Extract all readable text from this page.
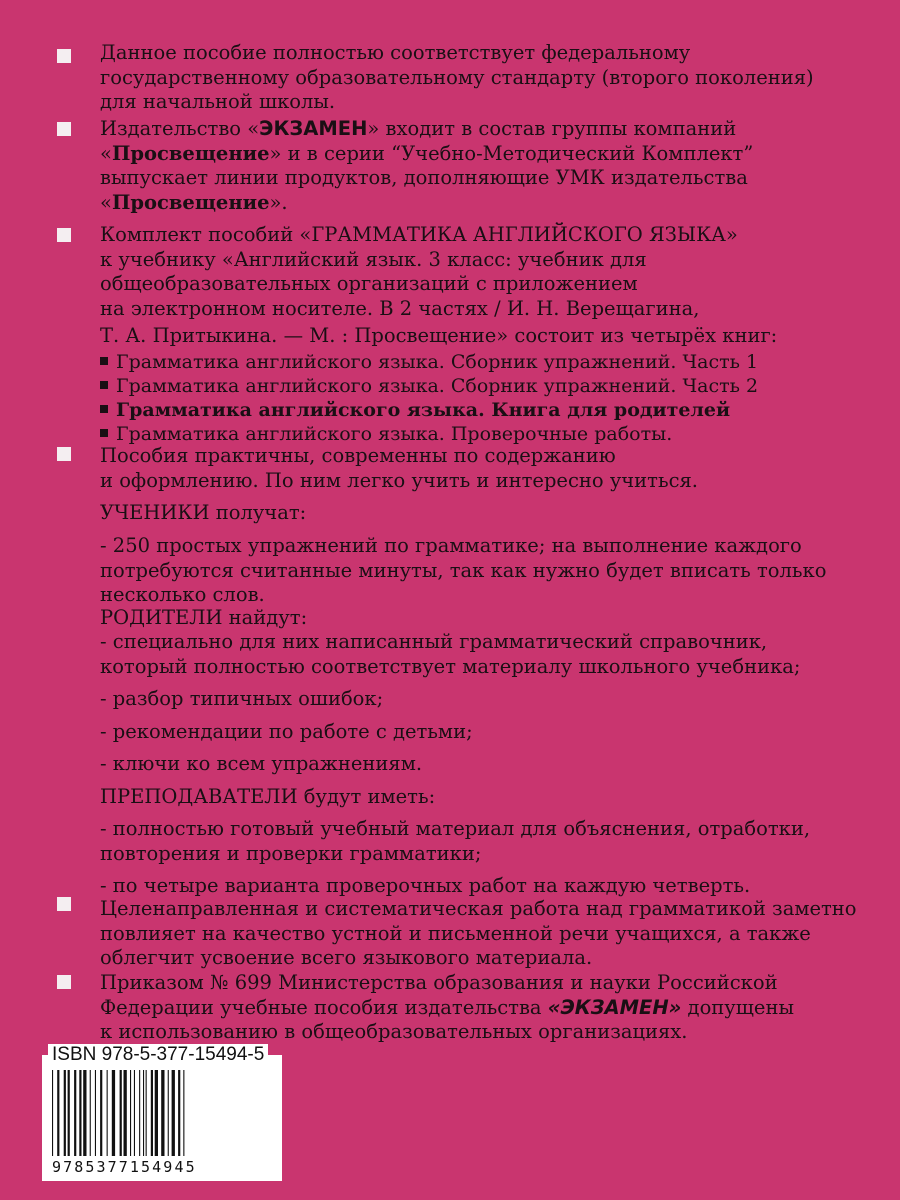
Данное пособие полностью соответствует федеральному
государственному образовательному стандарту (второго поколения)
для начальной школы.
Издательство «ЭКЗАМЕН» входит в состав группы компаний
«Просвещение» и в серии “Учебно-Методический Комплект”
выпускает линии продуктов, дополняющие УМК издательства
«Просвещение».
Комплект пособий «ГРАММАТИКА АНГЛИЙСКОГО ЯЗЫКА»
к учебнику «Английский язык. 3 класс: учебник для
общеобразовательных организаций с приложением
на электронном носителе. В 2 частях / И. Н. Верещагина,
Т. А. Притыкина. — М. : Просвещение» состоит из четырёх книг:
Грамматика английского языка. Сборник упражнений. Часть 1
Грамматика английского языка. Сборник упражнений. Часть 2
Грамматика английского языка. Книга для родителей
Грамматика английского языка. Проверочные работы.
Пособия практичны, современны по содержанию
и оформлению. По ним легко учить и интересно учиться.
УЧЕНИКИ получат:
- 250 простых упражнений по грамматике; на выполнение каждого
потребуются считанные минуты, так как нужно будет вписать только
несколько слов.
РОДИТЕЛИ найдут:
- специально для них написанный грамматический справочник,
который полностью соответствует материалу школьного учебника;
- разбор типичных ошибок;
- рекомендации по работе с детьми;
- ключи ко всем упражнениям.
ПРЕПОДАВАТЕЛИ будут иметь:
- полностью готовый учебный материал для объяснения, отработки,
повторения и проверки грамматики;
- по четыре варианта проверочных работ на каждую четверть.
Целенаправленная и систематическая работа над грамматикой заметно
повлияет на качество устной и письменной речи учащихся, а также
облегчит усвоение всего языкового материала.
Приказом № 699 Министерства образования и науки Российской
Федерации учебные пособия издательства «ЭКЗАМЕН» допущены
к использованию в общеобразовательных организациях.
ISBN 978-5-377-15494-5
9785377154945
